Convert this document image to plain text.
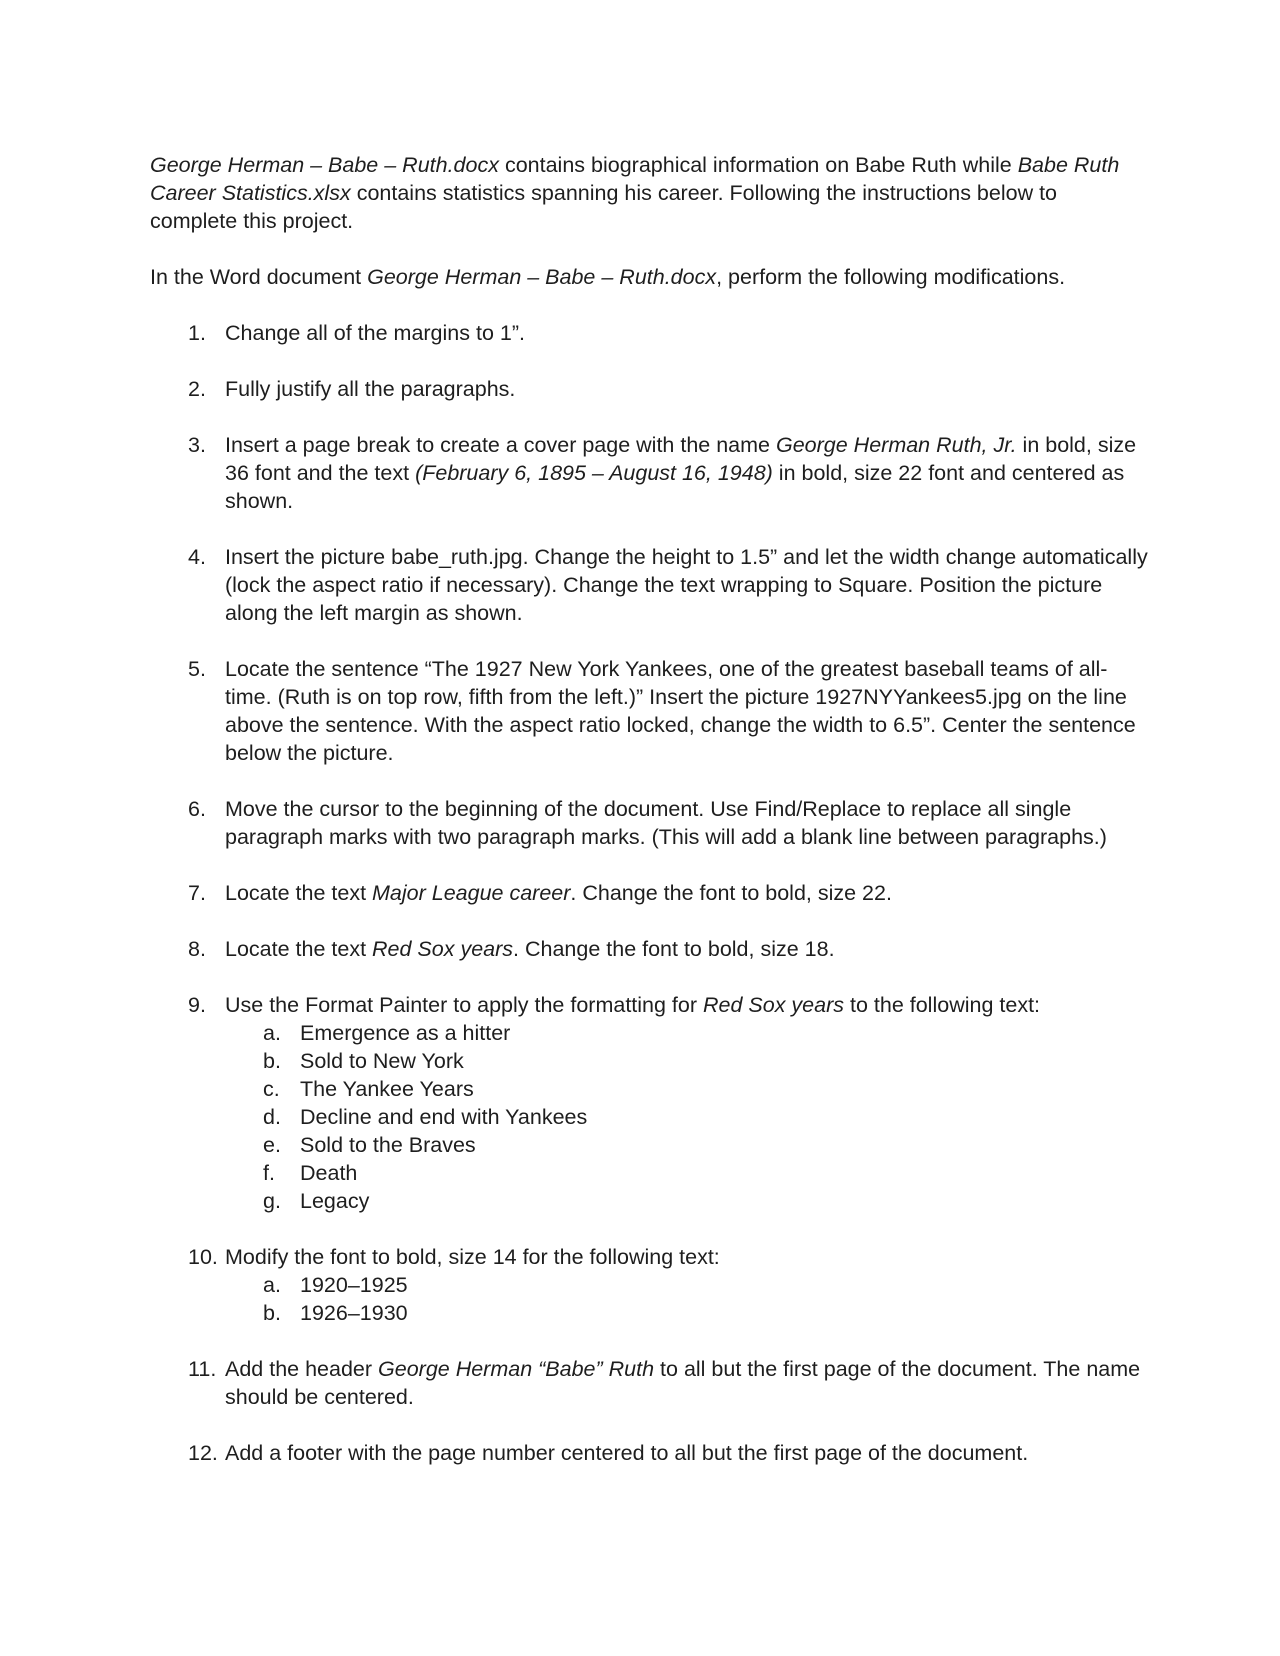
George Herman – Babe – Ruth.docx contains biographical information on Babe Ruth while Babe Ruth Career Statistics.xlsx contains statistics spanning his career. Following the instructions below to complete this project.

In the Word document George Herman – Babe – Ruth.docx, perform the following modifications.

1. Change all of the margins to 1”.
2. Fully justify all the paragraphs.
3. Insert a page break to create a cover page with the name George Herman Ruth, Jr. in bold, size 36 font and the text (February 6, 1895 – August 16, 1948) in bold, size 22 font and centered as shown.
4. Insert the picture babe_ruth.jpg. Change the height to 1.5” and let the width change automatically (lock the aspect ratio if necessary). Change the text wrapping to Square. Position the picture along the left margin as shown.
5. Locate the sentence “The 1927 New York Yankees, one of the greatest baseball teams of all-time. (Ruth is on top row, fifth from the left.)” Insert the picture 1927NYYankees5.jpg on the line above the sentence. With the aspect ratio locked, change the width to 6.5”. Center the sentence below the picture.
6. Move the cursor to the beginning of the document. Use Find/Replace to replace all single paragraph marks with two paragraph marks. (This will add a blank line between paragraphs.)
7. Locate the text Major League career. Change the font to bold, size 22.
8. Locate the text Red Sox years. Change the font to bold, size 18.
9. Use the Format Painter to apply the formatting for Red Sox years to the following text:
a. Emergence as a hitter
b. Sold to New York
c. The Yankee Years
d. Decline and end with Yankees
e. Sold to the Braves
f. Death
g. Legacy
10. Modify the font to bold, size 14 for the following text:
a. 1920–1925
b. 1926–1930
11. Add the header George Herman “Babe” Ruth to all but the first page of the document. The name should be centered.
12. Add a footer with the page number centered to all but the first page of the document.
